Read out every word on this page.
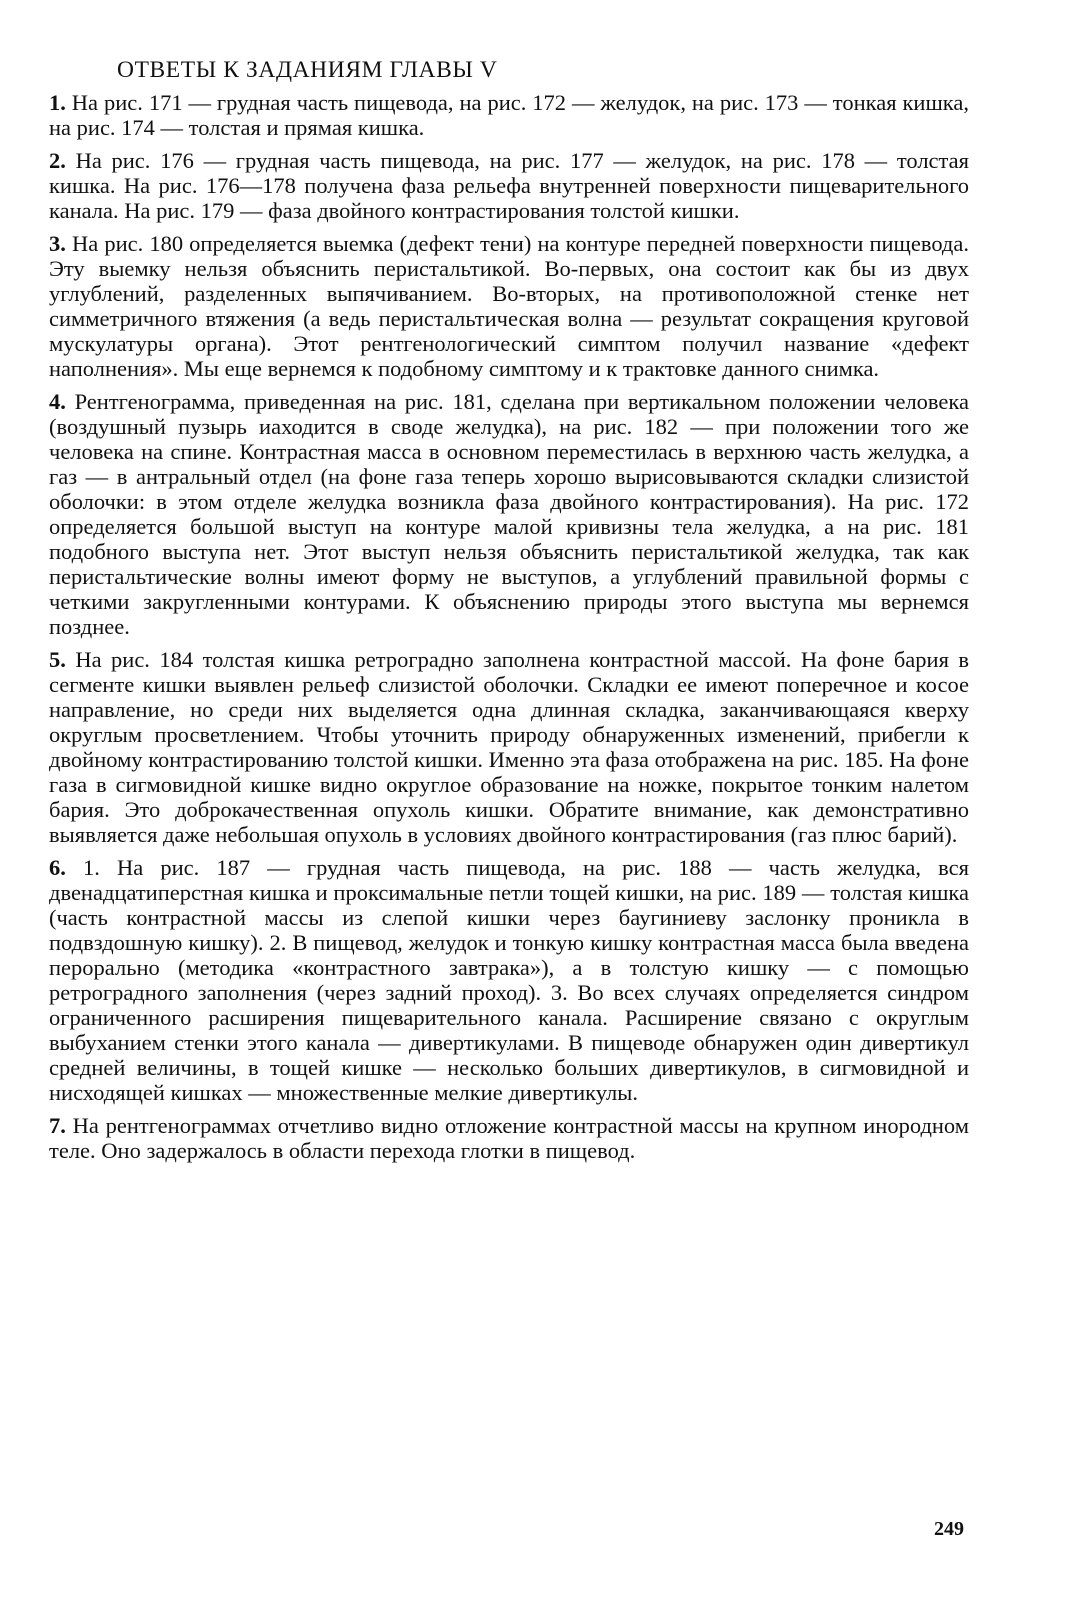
ОТВЕТЫ К ЗАДАНИЯМ ГЛАВЫ V

1. На рис. 171 — грудная часть пищевода, на рис. 172 — желудок, на рис. 173 — тонкая кишка, на рис. 174 — толстая и прямая кишка.

2. На рис. 176 — грудная часть пищевода, на рис. 177 — желудок, на рис. 178 — толстая кишка. На рис. 176—178 получена фаза рельефа внутренней поверхности пищеварительного канала. На рис. 179 — фаза двойного контрастирования толстой кишки.

3. На рис. 180 определяется выемка (дефект тени) на контуре передней поверхности пищевода. Эту выемку нельзя объяснить перистальтикой. Во-первых, она состоит как бы из двух углублений, разделенных выпячиванием. Во-вторых, на противоположной стенке нет симметричного втяжения (а ведь перистальтическая волна — результат сокращения круговой мускулатуры органа). Этот рентгенологический симптом получил название «дефект наполнения». Мы еще вернемся к подобному симптому и к трактовке данного снимка.

4. Рентгенограмма, приведенная на рис. 181, сделана при вертикальном положении человека (воздушный пузырь иаходится в своде желудка), на рис. 182 — при положении того же человека на спине. Контрастная масса в основном переместилась в верхнюю часть желудка, а газ — в антральный отдел (на фоне газа теперь хорошо вырисовываются складки слизистой оболочки: в этом отделе желудка возникла фаза двойного контрастирования). На рис. 172 определяется большой выступ на контуре малой кривизны тела желудка, а на рис. 181 подобного выступа нет. Этот выступ нельзя объяснить перистальтикой желудка, так как перистальтические волны имеют форму не выступов, а углублений правильной формы с четкими закругленными контурами. К объяснению природы этого выступа мы вернемся позднее.

5. На рис. 184 толстая кишка ретроградно заполнена контрастной массой. На фоне бария в сегменте кишки выявлен рельеф слизистой оболочки. Складки ее имеют поперечное и косое направление, но среди них выделяется одна длинная складка, заканчивающаяся кверху округлым просветлением. Чтобы уточнить природу обнаруженных изменений, прибегли к двойному контрастированию толстой кишки. Именно эта фаза отображена на рис. 185. На фоне газа в сигмовидной кишке видно округлое образование на ножке, покрытое тонким налетом бария. Это доброкачественная опухоль кишки. Обратите внимание, как демонстративно выявляется даже небольшая опухоль в условиях двойного контрастирования (газ плюс барий).

6. 1. На рис. 187 — грудная часть пищевода, на рис. 188 — часть желудка, вся двенадцатиперстная кишка и проксимальные петли тощей кишки, на рис. 189 — толстая кишка (часть контрастной массы из слепой кишки через баугиниеву заслонку проникла в подвздошную кишку). 2. В пищевод, желудок и тонкую кишку контрастная масса была введена перорально (методика «контрастного завтрака»), а в толстую кишку — с помощью ретроградного заполнения (через задний проход). 3. Во всех случаях определяется синдром ограниченного расширения пищеварительного канала. Расширение связано с округлым выбуханием стенки этого канала — дивертикулами. В пищеводе обнаружен один дивертикул средней величины, в тощей кишке — несколько больших дивертикулов, в сигмовидной и нисходящей кишках — множественные мелкие дивертикулы.

7. На рентгенограммах отчетливо видно отложение контрастной массы на крупном инородном теле. Оно задержалось в области перехода глотки в пищевод.

249
